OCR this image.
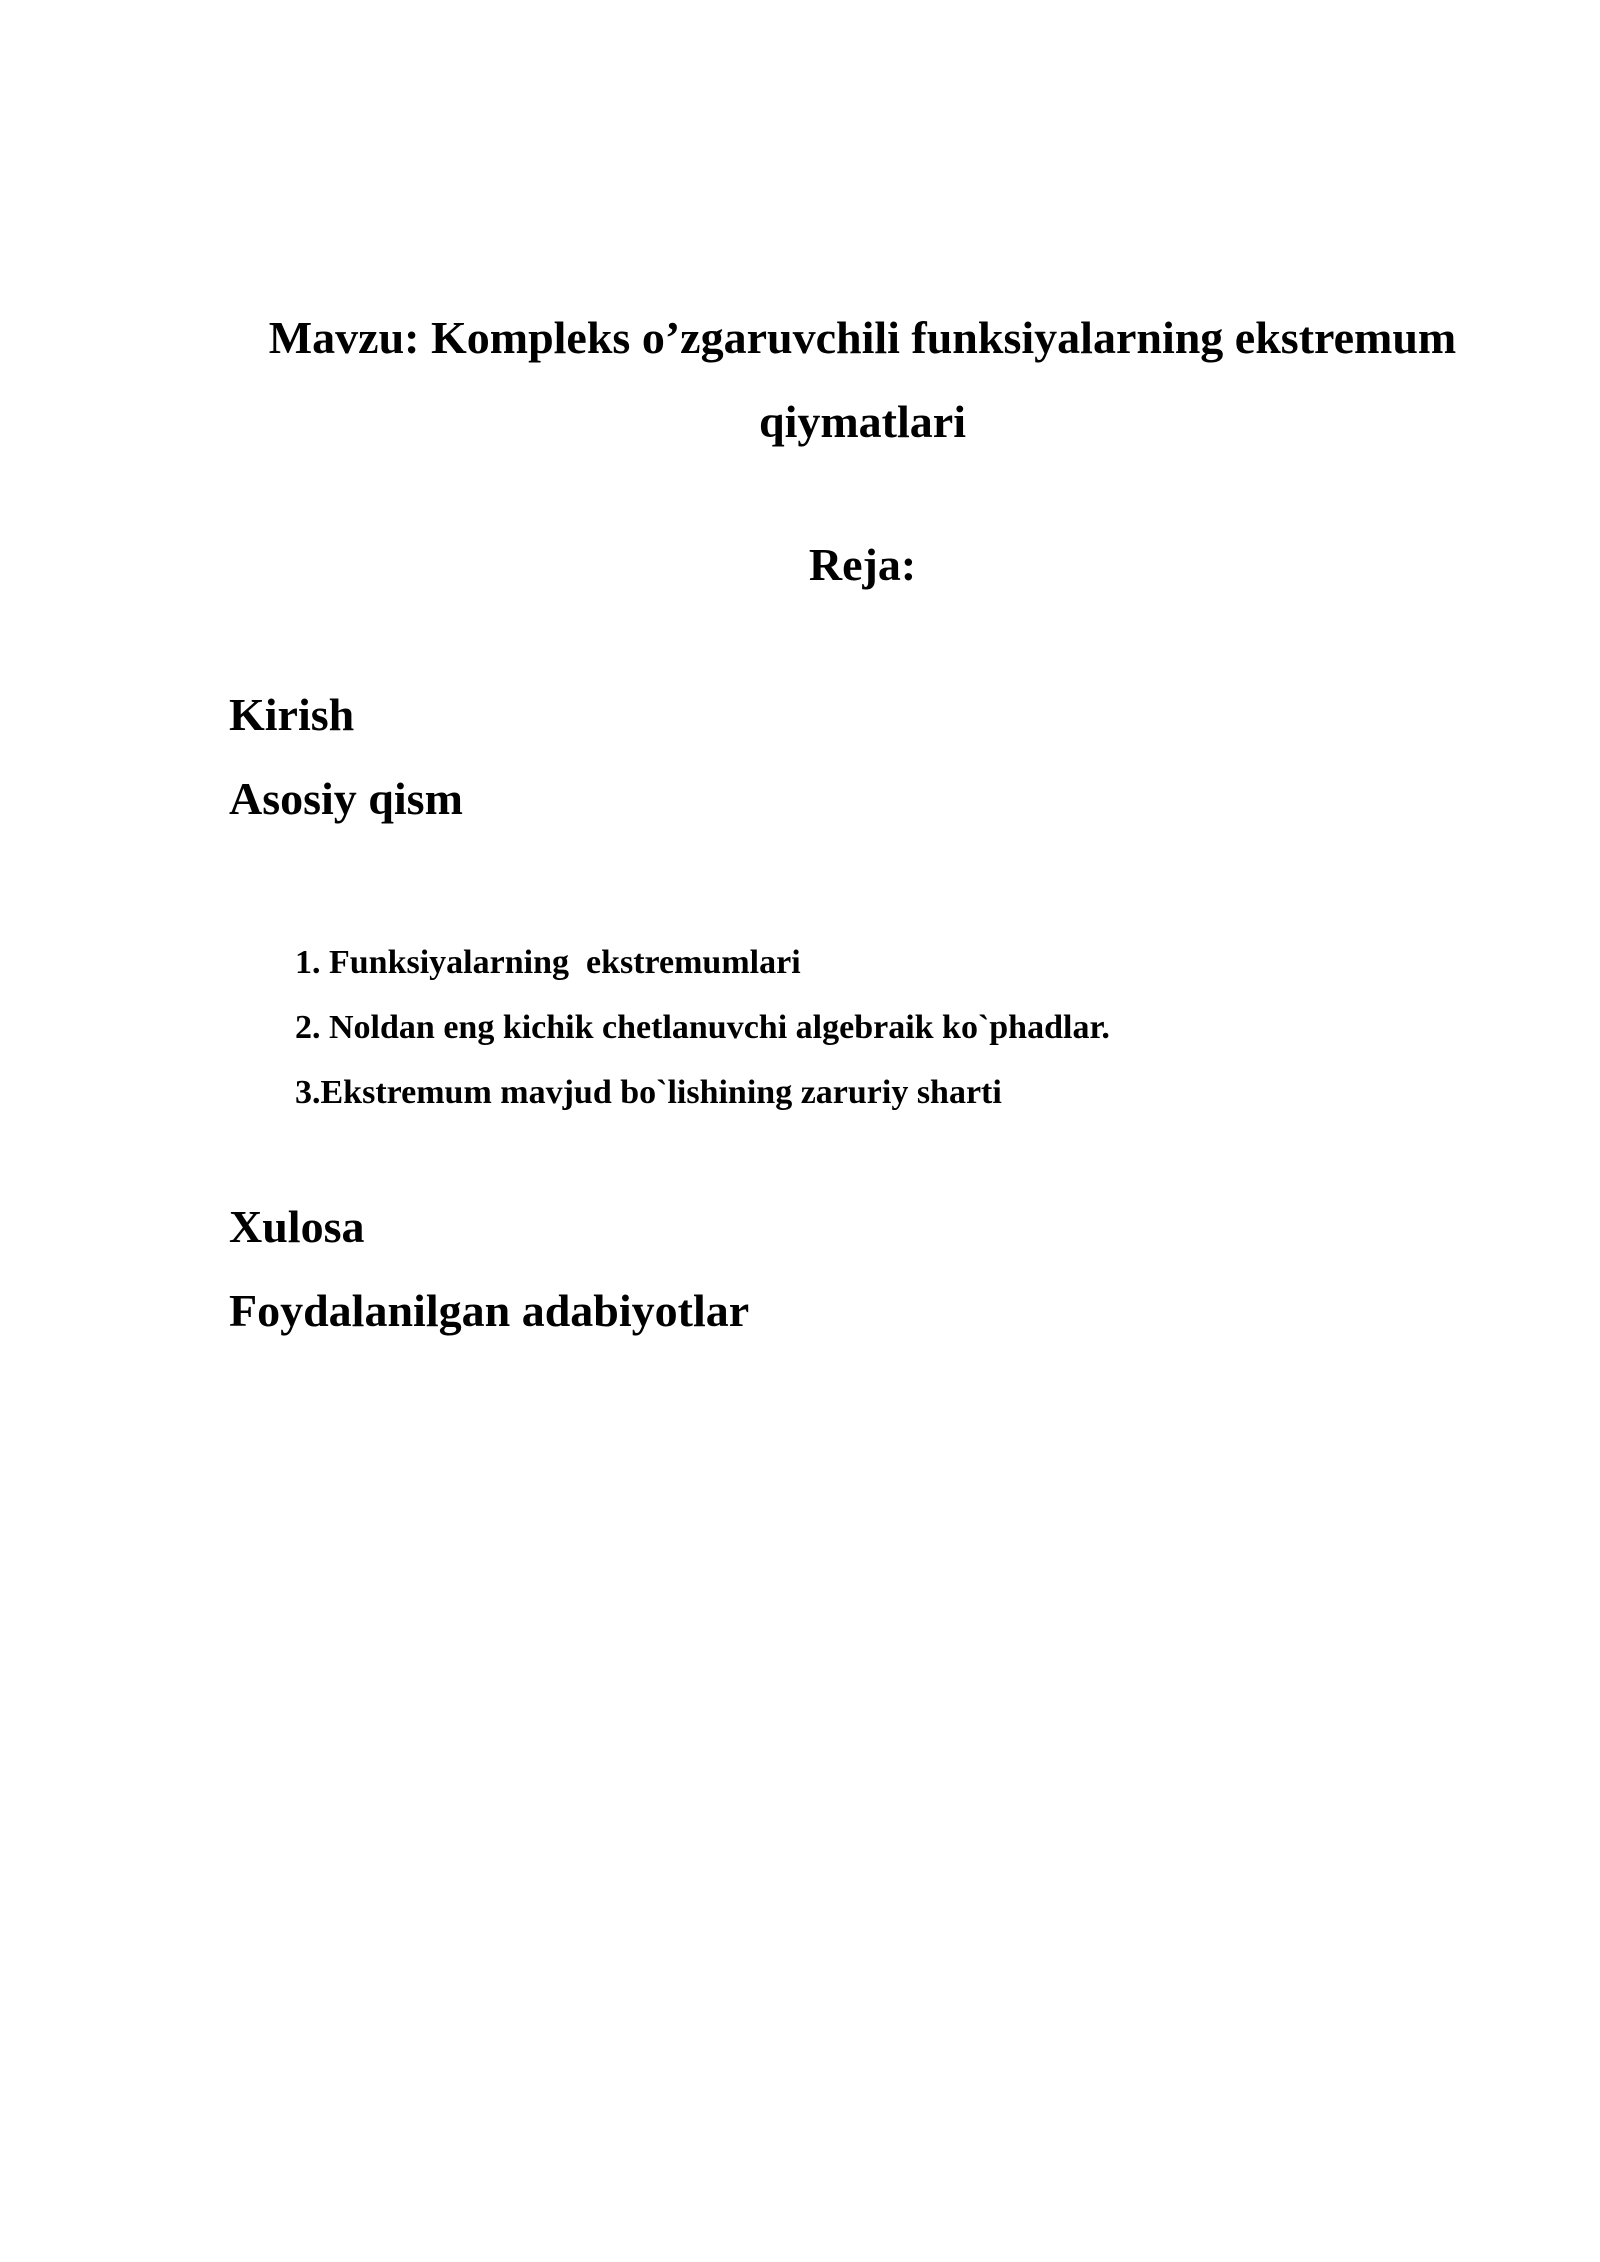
Mavzu: Kompleks o’zgaruvchili funksiyalarning ekstremum qiymatlari
Reja:
Kirish
Asosiy qism
1. Funksiyalarning  ekstremumlari
2. Noldan eng kichik chetlanuvchi algebraik ko`phadlar.
3.Ekstremum mavjud bo`lishining zaruriy sharti
Xulosa
Foydalanilgan adabiyotlar
